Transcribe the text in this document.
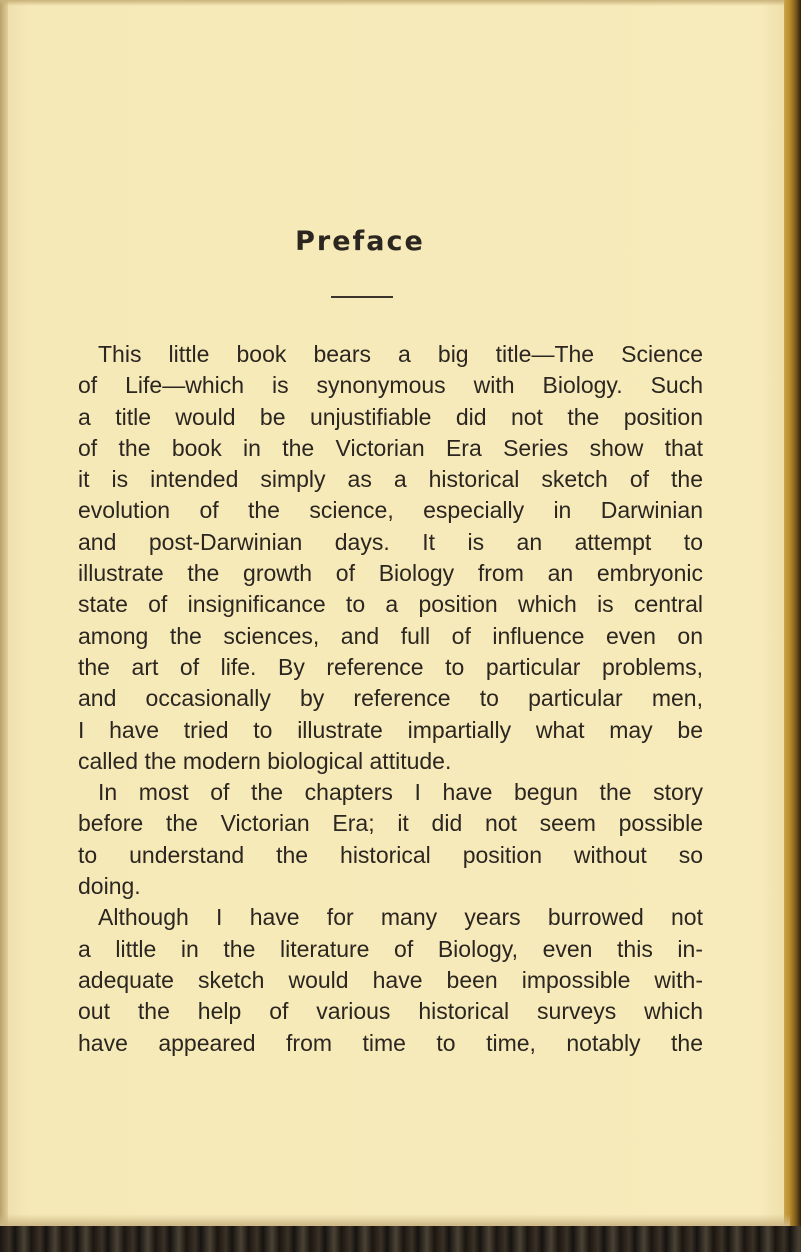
Preface
This little book bears a big title—The Science
of Life—which is synonymous with Biology. Such
a title would be unjustifiable did not the position
of the book in the Victorian Era Series show that
it is intended simply as a historical sketch of the
evolution of the science, especially in Darwinian
and post-Darwinian days. It is an attempt to
illustrate the growth of Biology from an embryonic
state of insignificance to a position which is central
among the sciences, and full of influence even on
the art of life. By reference to particular problems,
and occasionally by reference to particular men,
I have tried to illustrate impartially what may be
called the modern biological attitude.
In most of the chapters I have begun the story
before the Victorian Era; it did not seem possible
to understand the historical position without so
doing.
Although I have for many years burrowed not
a little in the literature of Biology, even this in-
adequate sketch would have been impossible with-
out the help of various historical surveys which
have appeared from time to time, notably the
